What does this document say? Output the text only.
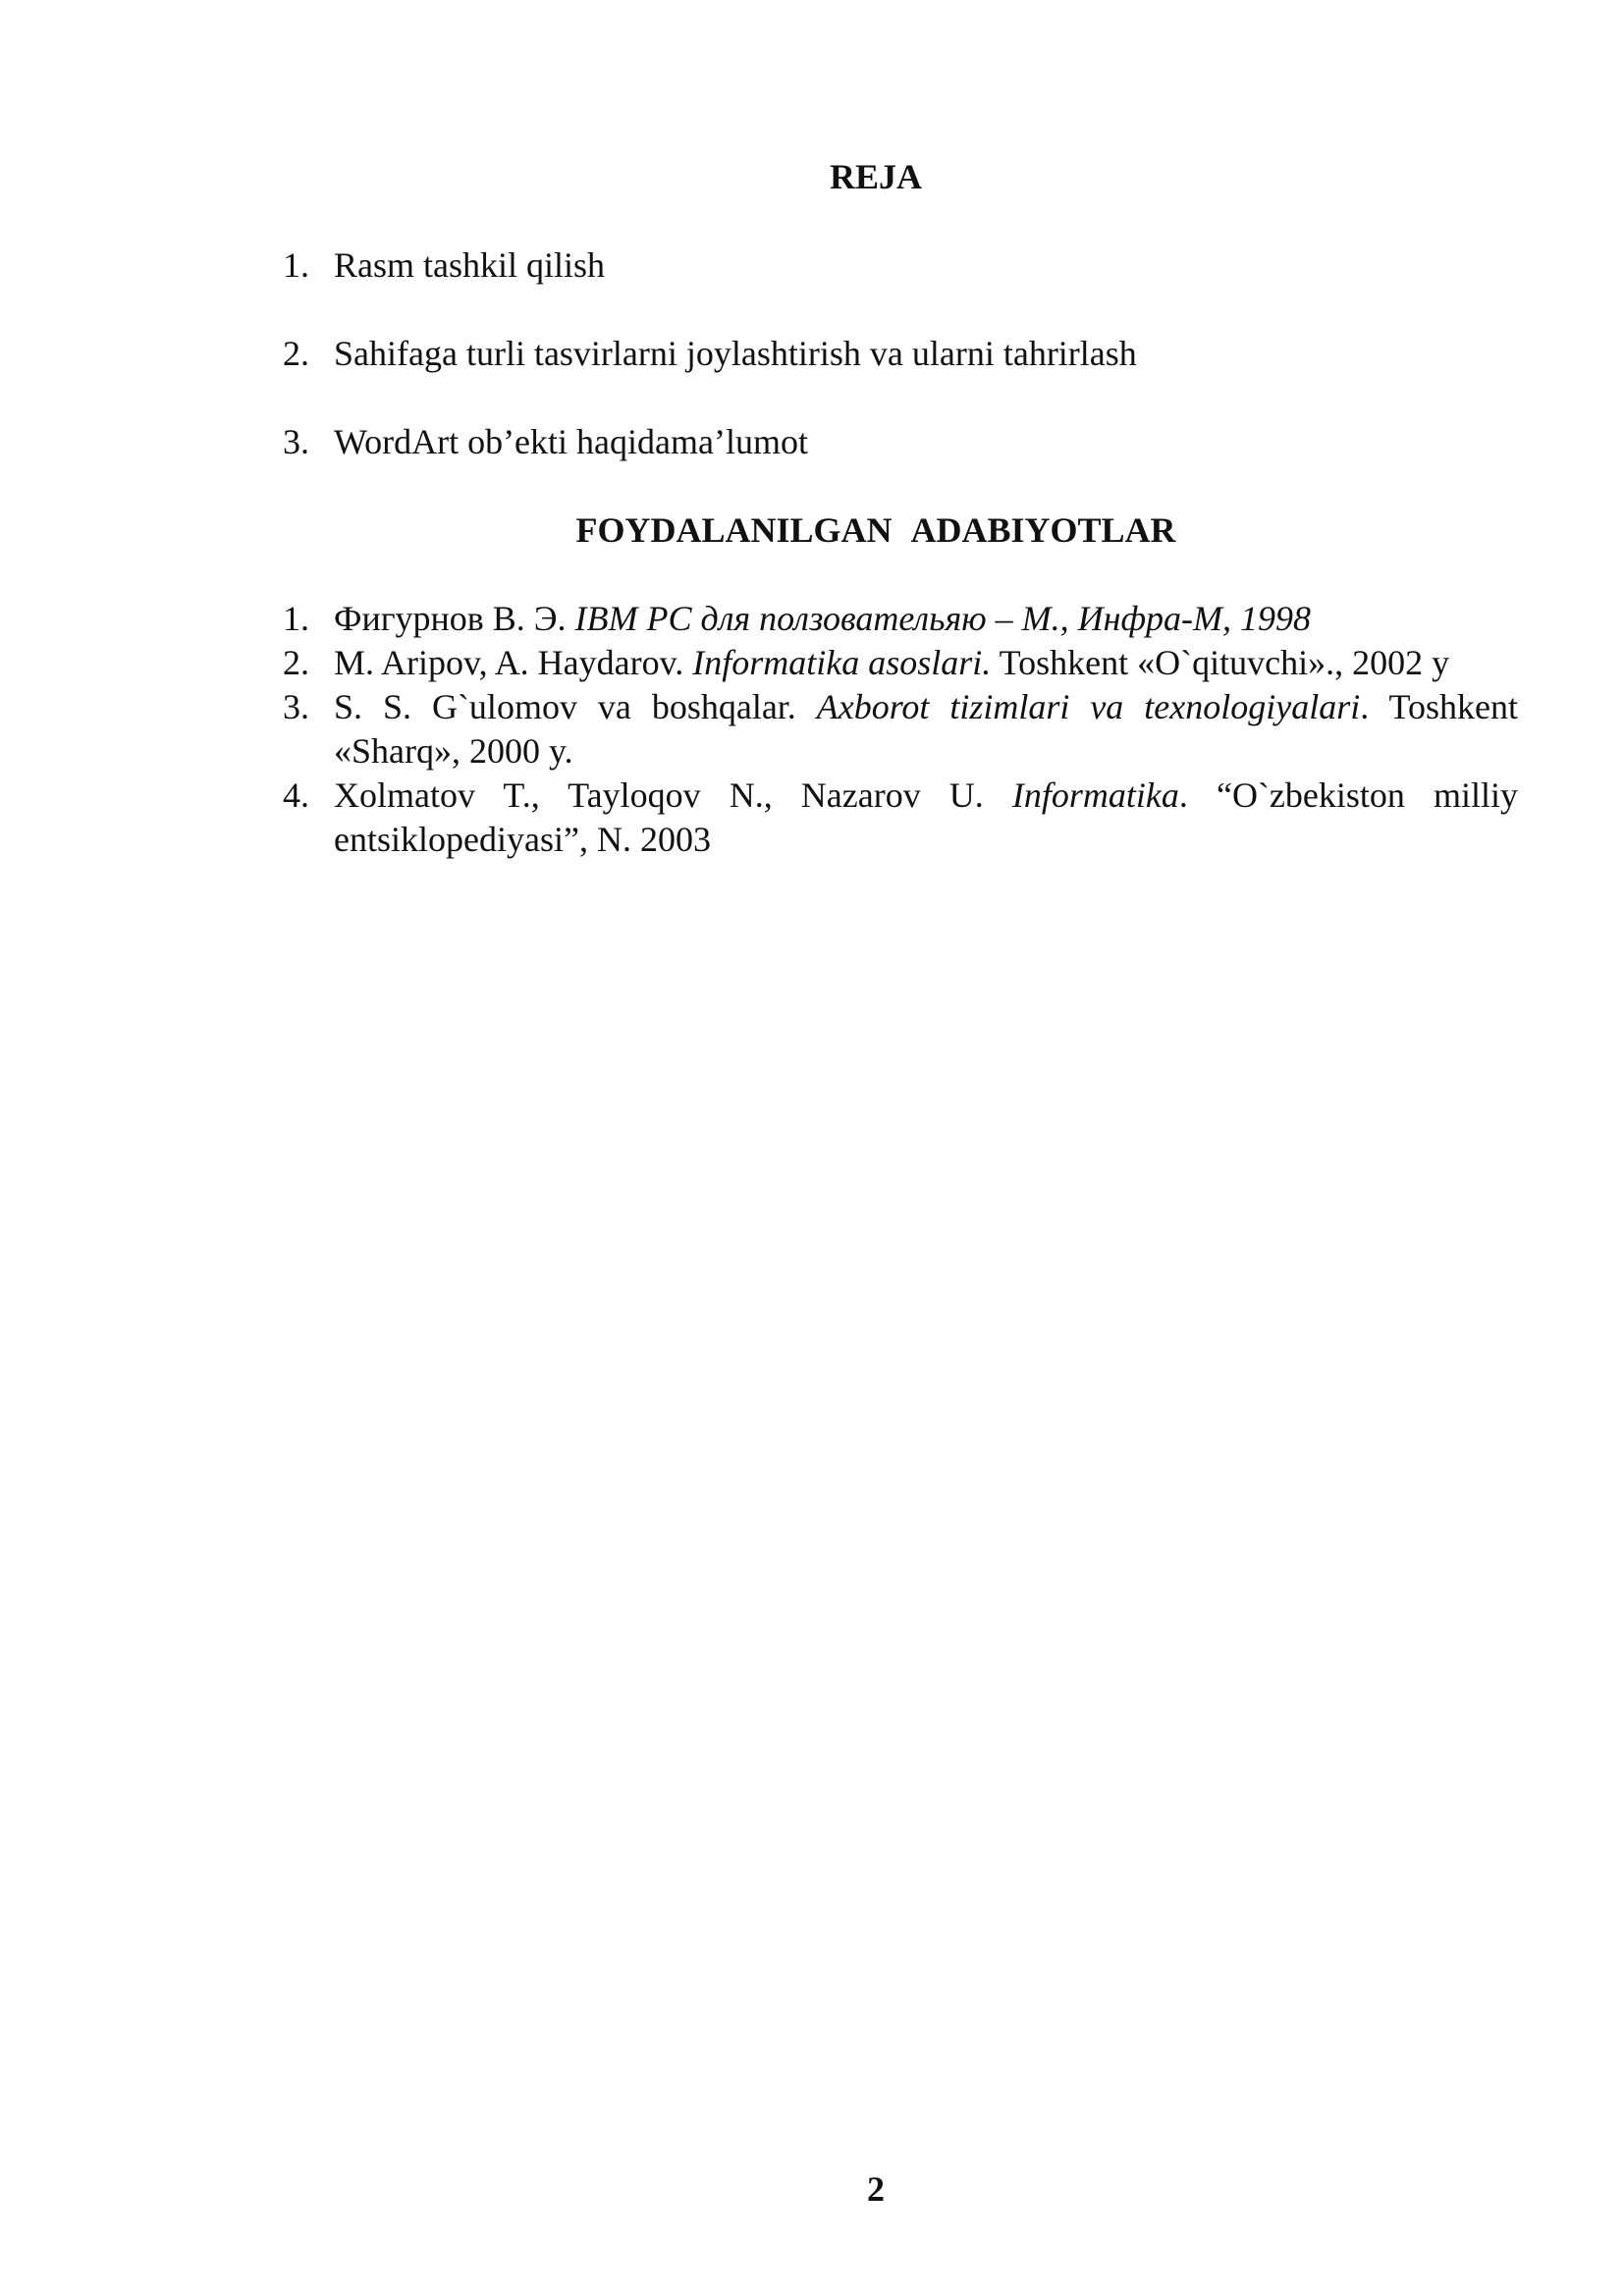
REJA

1. Rasm tashkil qilish

2. Sahifaga turli tasvirlarni joylashtirish va ularni tahrirlash

3. WordArt ob’ekti haqidama’lumot

FOYDALANILGAN ADABIYOTLAR
1. Фигурнов В. Э. IBM PC для ползовательяю – М., Инфра-М, 1998
2. M. Aripov, A. Haydarov. Informatika asoslari. Toshkent «O`qituvchi»., 2002 y
3. S. S. G`ulomov va boshqalar. Axborot tizimlari va texnologiyalari. Toshkent «Sharq», 2000 y.
4. Xolmatov T., Tayloqov N., Nazarov U. Informatika. “O`zbekiston milliy entsiklopediyasi”, N. 2003

2
